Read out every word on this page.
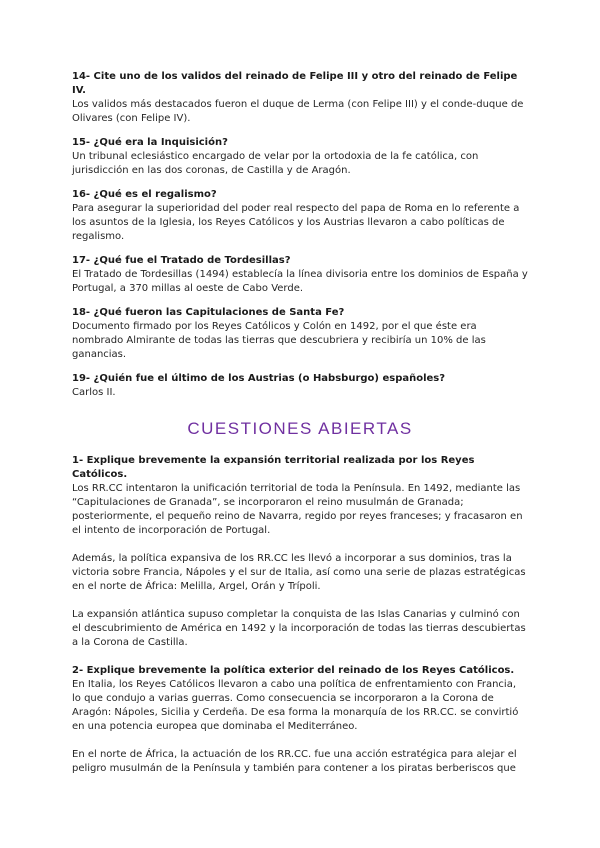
14- Cite uno de los validos del reinado de Felipe III y otro del reinado de Felipe IV.

Los validos más destacados fueron el duque de Lerma (con Felipe III) y el conde-duque de Olivares (con Felipe IV).

15- ¿Qué era la Inquisición?

Un tribunal eclesiástico encargado de velar por la ortodoxia de la fe católica, con jurisdicción en las dos coronas, de Castilla y de Aragón.

16- ¿Qué es el regalismo?

Para asegurar la superioridad del poder real respecto del papa de Roma en lo referente a los asuntos de la Iglesia, los Reyes Católicos y los Austrias llevaron a cabo políticas de regalismo.

17- ¿Qué fue el Tratado de Tordesillas?

El Tratado de Tordesillas (1494) establecía la línea divisoria entre los dominios de España y Portugal, a 370 millas al oeste de Cabo Verde.

18- ¿Qué fueron las Capitulaciones de Santa Fe?

Documento firmado por los Reyes Católicos y Colón en 1492, por el que éste era nombrado Almirante de todas las tierras que descubriera y recibiría un 10% de las ganancias.

19- ¿Quién fue el último de los Austrias (o Habsburgo) españoles?

Carlos II.

CUESTIONES ABIERTAS

1- Explique brevemente la expansión territorial realizada por los Reyes Católicos.

Los RR.CC intentaron la unificación territorial de toda la Península. En 1492, mediante las “Capitulaciones de Granada”, se incorporaron el reino musulmán de Granada; posteriormente, el pequeño reino de Navarra, regido por reyes franceses; y fracasaron en el intento de incorporación de Portugal.

Además, la política expansiva de los RR.CC les llevó a incorporar a sus dominios, tras la victoria sobre Francia, Nápoles y el sur de Italia, así como una serie de plazas estratégicas en el norte de África: Melilla, Argel, Orán y Trípoli.

La expansión atlántica supuso completar la conquista de las Islas Canarias y culminó con el descubrimiento de América en 1492 y la incorporación de todas las tierras descubiertas a la Corona de Castilla.

2- Explique brevemente la política exterior del reinado de los Reyes Católicos.

En Italia, los Reyes Católicos llevaron a cabo una política de enfrentamiento con Francia, lo que condujo a varias guerras. Como consecuencia se incorporaron a la Corona de Aragón: Nápoles, Sicilia y Cerdeña. De esa forma la monarquía de los RR.CC. se convirtió en una potencia europea que dominaba el Mediterráneo.

En el norte de África, la actuación de los RR.CC. fue una acción estratégica para alejar el peligro musulmán de la Península y también para contener a los piratas berberiscos que
